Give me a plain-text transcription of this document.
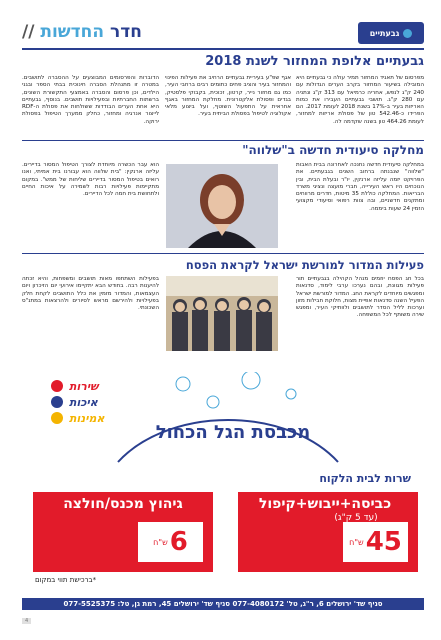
גבעתיים
חדר החדשות //
גבעתיים אלופת המחזור לשנת 2018

מפרסום של תאגיד המחזור תמיר עולה כי גבעתיים היא המובילה בשיעור המחזור בקרב הערים הגדולות עם 240 ק"ג לנפש, אחריה כרמיאל עם 313 ק"ג ונתניה עם 280 ק"ג. תושבי גבעתיים העבירו את כמות האריזות בעיר ב-17% בשנת 2018 לעומת 2017. הם הפרידו כ-542.46 טון של פסולת אריזות למחזור, לעומת 464.26 טון בשנה שקדמה לה.

אגף שפ"ע בעיריית גבעתיים הרחיב את פעילות הפינוי והמחזור בעיר והציב פחים כתומים רבים ברחבי העיר, כמו גם מחזור נייר, קרטון, זכוכית, בקבוקי פלסטיק, בגדים ופסולת אלקטרונית. מחלקת המחזור באגף אחראית על התפעול השוטף, ועל ביצוע מלאי אקולוגיה לטיפול בפסולת הביתית בעיר.

הדוברות והפרסומים המבוצעים על ההסברה לתושבים. במטרה זו מתנהלת הסברה חינוכית בבתי הספר ובגני הילדים, וכן פרסום והסברה באמצעי התקשורת השונים, ברשתות החברתיות ובפעילויות תושבים. בנוסף, גבעתיים היא אחת הערים הבודדות ששולחות את פסולת ה-RDF לייצור אנרגיה ומחזור, כחלק ממערך הטיפול בפסולת ירוקה.

מחלקה סיעודית חדשה ב"שלווה"

במחלקה סיעודית חדשה נחנכה לאחרונה בבית האבות "שלווה" שנבנתה ברחוב השנים בגבעתיים. את הפרויקט יזמה עליזה ארנקין, יו"ר ובעלת הבית, ובין הנוכחים היו ראש העירייה, חברי מועצה ונציגי משרד הבריאות. המחלקה כוללת 35 מיטות, חדרים מרווחים ומתקנים חדשניים, ובה צוות רפואי וסיעודי מקצועי הזמין 24 שעות ביממה.

הוא עבר הכשרה מיוחדת לצורך הטיפול המסור בדיירים. עליזה ארנקין: "בית שלווה הוא עבורנו בית אמיתי, ואנו רואים בטיפול המסור בדיירים שליחות של ממש". במקום מתקיימות פעילויות רבות לשמירה על איכות החיים ולתחושת בית חמה לכל הדיירים.

פעילות המדור למורשת ישראל לקראת הפסח

בכל חג הפסח יוזמים מנהל הקהילה בגבעתיים תור פעילות מגוונת, ובהם נערכו ערבי לימוד, סדנאות ומפגשים מיוחדים לקראת החג. המדור למורשת ישראל הפעיל השנה סדנאות אפיית מצות, חלוקת חבילות מזון וערכות לליל הסדר לתושבים ולוותיקי העיר, ומפגש שירה משותף לכל המשפחה.

בפעילות השתתפו מאות תושבים ומשפחות, והיא זכתה להיענות רבה. בחודש הבא יתקיימו אירועי יום הזיכרון ויום העצמאות, והמדור מזמין את כלל התושבים לקחת חלק בפעילויות ולהירשם מראש לסיורים ולהרצאות במתנ"ס השכונתי.

שירות
איכות
אמינות
מכבסת הגל הכחול
שרות לבית הלקוח
כביסה+ייבוש+קיפול
(עד 5 ק"ג)
45
ש"ח
גיהוץ מכנס/חולצה
6
ש"ח
*ברכישת תווי במקום
סניף שד' ירושלים 6, ר"ג, טל' 077-4080172 סניף שד' ירושלים 45, רמת גן, טל: 077-5525375
4
